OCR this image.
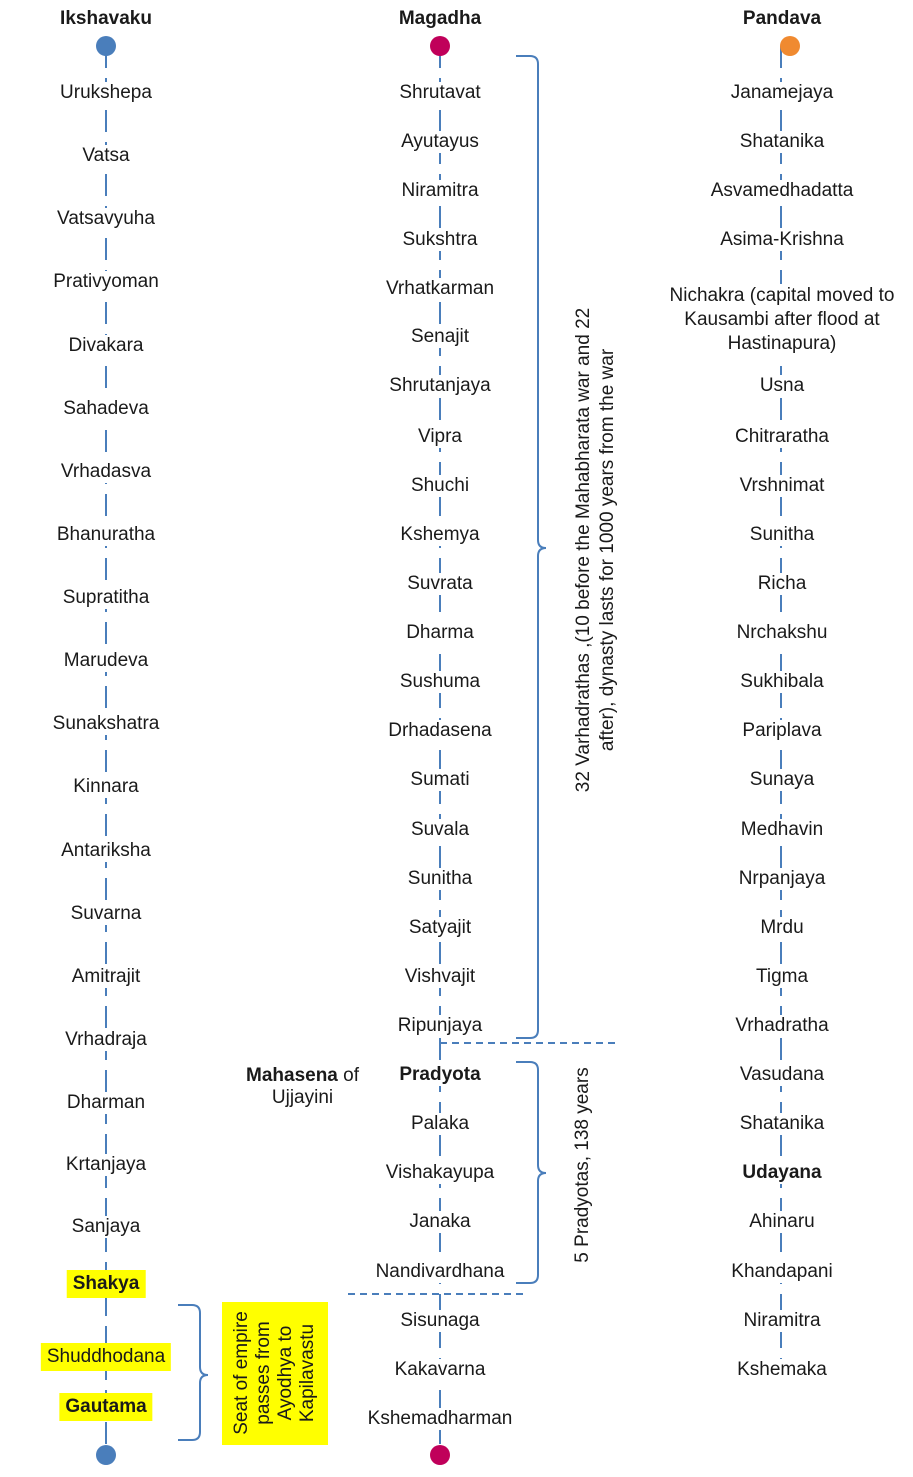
Ikshavaku	Magadha	Pandava
Urukshepa
Vatsa
Vatsavyuha
Prativyoman
Divakara
Sahadeva
Vrhadasva
Bhanuratha
Supratitha
Marudeva
Sunakshatra
Kinnara
Antariksha
Suvarna
Amitrajit
Vrhadraja
Dharman
Krtanjaya
Sanjaya
Shakya
Shuddhodana
Gautama
Shrutavat
Ayutayus
Niramitra
Sukshtra
Vrhatkarman
Senajit
Shrutanjaya
Vipra
Shuchi
Kshemya
Suvrata
Dharma
Sushuma
Drhadasena
Sumati
Suvala
Sunitha
Satyajit
Vishvajit
Ripunjaya
Pradyota
Palaka
Vishakayupa
Janaka
Nandivardhana
Sisunaga
Kakavarna
Kshemadharman
Janamejaya
Shatanika
Asvamedhadatta
Asima-Krishna
Nichakra (capital moved to Kausambi after flood at Hastinapura)
Usna
Chitraratha
Vrshnimat
Sunitha
Richa
Nrchakshu
Sukhibala
Pariplava
Sunaya
Medhavin
Nrpanjaya
Mrdu
Tigma
Vrhadratha
Vasudana
Shatanika
Udayana
Ahinaru
Khandapani
Niramitra
Kshemaka
32 Varhadrathas ,(10 before the Mahabharata war and 22 after), dynasty lasts for 1000 years from the war
5 Pradyotas, 138 years
Mahasena of Ujjayini
Seat of empire passes from Ayodhya to Kapilavastu
